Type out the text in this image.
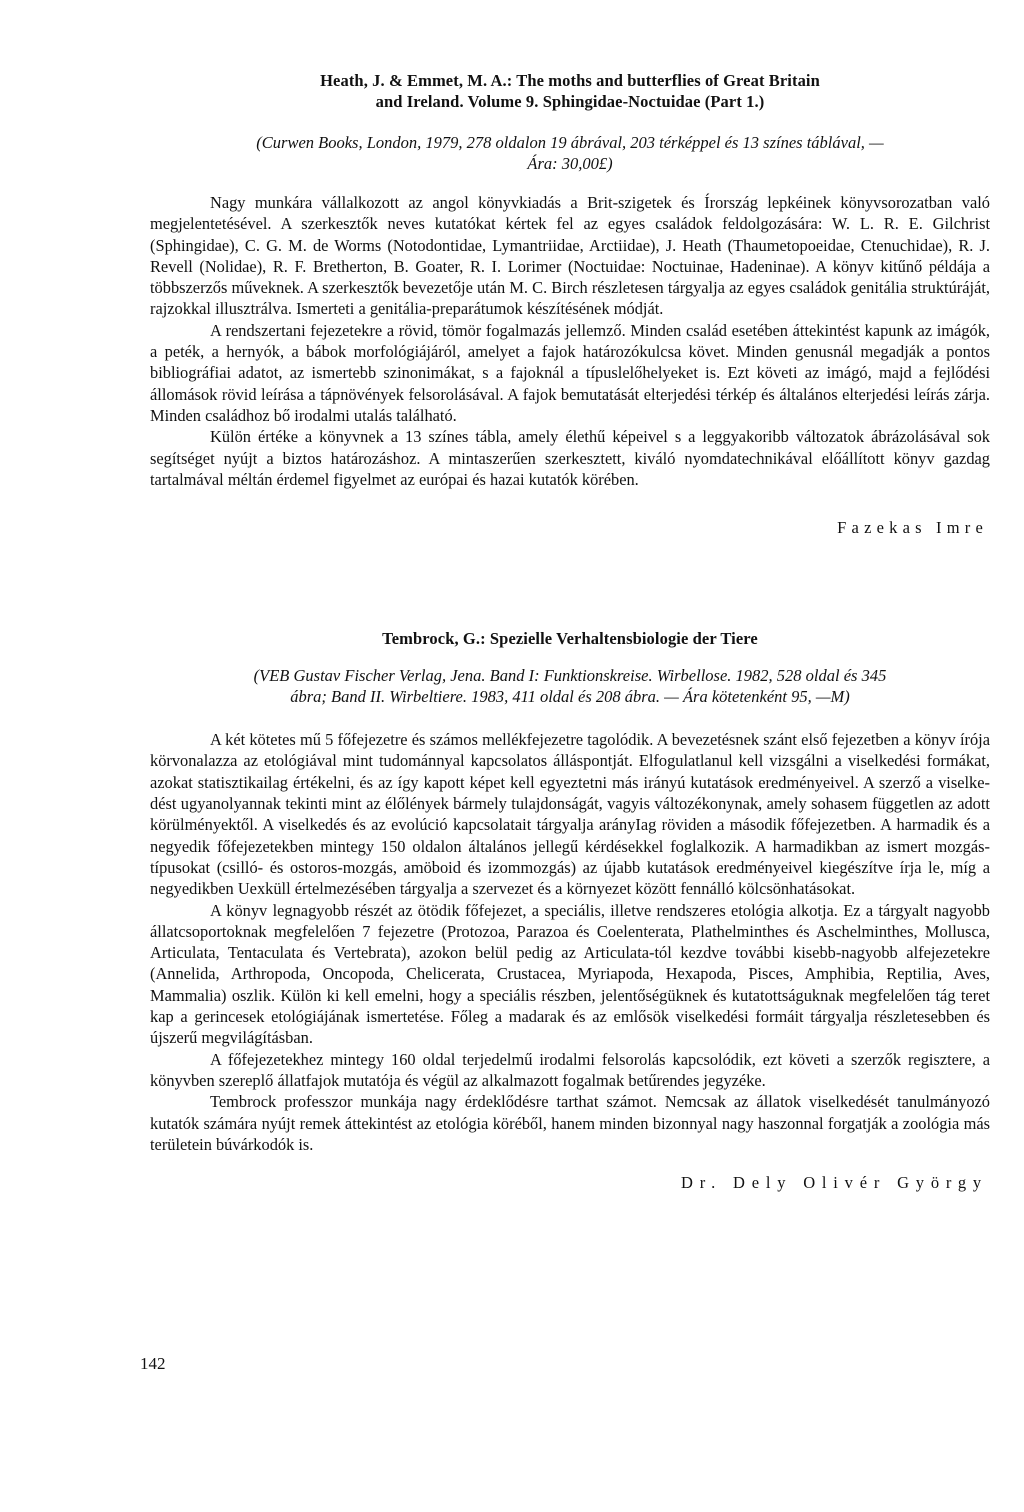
Heath, J. & Emmet, M. A.: The moths and butterflies of Great Britain
and Ireland. Volume 9. Sphingidae-Noctuidae (Part 1.)

(Curwen Books, London, 1979, 278 oldalon 19 ábrával, 203 térképpel és 13 színes táblával, —
Ára: 30,00£)

Nagy munkára vállalkozott az angol könyvkiadás a Brit-szigetek és Írország lepkéinek könyvsorozatban való megjelentetésével. A szerkesztők neves kutatókat kértek fel az egyes családok feldolgozására: W. L. R. E. Gilchrist (Sphingidae), C. G. M. de Worms (Notodontidae, Lymantriidae, Arctiidae), J. Heath (Thaumetopoeidae, Ctenuchidae), R. J. Revell (Nolidae), R. F. Bretherton, B. Goater, R. I. Lorimer (Noctuidae: Noctuinae, Hadeninae). A könyv kitűnő példája a többszerzős műveknek. A szerkesztők bevezetője után M. C. Birch részletesen tárgyalja az egyes családok genitália struktúráját, rajzokkal illusztrálva. Ismerteti a genitália-preparátumok készítésének módját.

A rendszertani fejezetekre a rövid, tömör fogalmazás jellemző. Minden család esetében áttekintést kapunk az imágók, a peték, a hernyók, a bábok morfológiájáról, amelyet a fajok határozókulcsa követ. Minden genusnál megadják a pontos bibliográfiai adatot, az ismertebb szinonimákat, s a fajoknál a típuslelőhelyeket is. Ezt követi az imágó, majd a fejlődési állomások rövid leírása a tápnövények felsorolásával. A fajok bemutatását elterjedési térkép és általános elterjedési leírás zárja. Minden családhoz bő irodalmi utalás található.

Külön értéke a könyvnek a 13 színes tábla, amely élethű képeivel s a leggyakoribb változatok ábrázolásával sok segítséget nyújt a biztos határozáshoz. A mintaszerűen szerkesztett, kiváló nyomdatechnikával előállított könyv gazdag tartalmával méltán érdemel figyelmet az európai és hazai kutatók körében.

Fazekas Imre

Tembrock, G.: Spezielle Verhaltensbiologie der Tiere

(VEB Gustav Fischer Verlag, Jena. Band I: Funktionskreise. Wirbellose. 1982, 528 oldal és 345
ábra; Band II. Wirbeltiere. 1983, 411 oldal és 208 ábra. — Ára kötetenként 95, —M)

A két kötetes mű 5 főfejezetre és számos mellékfejezetre tagolódik. A bevezetésnek szánt első fejezetben a könyv írója körvonalazza az etológiával mint tudománnyal kapcsolatos álláspontját. Elfogulatlanul kell vizsgálni a viselkedési formákat, azokat statisztikailag értékelni, és az így kapott képet kell egyeztetni más irányú kutatások eredményeivel. A szerző a viselkedést ugyanolyannak tekinti mint az élőlények bármely tulajdonságát, vagyis változékonynak, amely sohasem független az adott körülményektől. A viselkedés és az evolúció kapcsolatait tárgyalja arányIag röviden a második főfejezetben. A harmadik és a negyedik főfejezetekben mintegy 150 oldalon általános jellegű kérdésekkel foglalkozik. A harmadikban az ismert mozgástípusokat (csilló- és ostoros-mozgás, amöboid és izommozgás) az újabb kutatások eredményeivel kiegészítve írja le, míg a negyedikben Uexküll értelmezésében tárgyalja a szervezet és a környezet között fennálló kölcsönhatásokat.

A könyv legnagyobb részét az ötödik főfejezet, a speciális, illetve rendszeres etológia alkotja. Ez a tárgyalt nagyobb állatcsoportoknak megfelelően 7 fejezetre (Protozoa, Parazoa és Coelenterata, Plathelminthes és Aschelminthes, Mollusca, Articulata, Tentaculata és Vertebrata), azokon belül pedig az Articulata-tól kezdve további kisebb-nagyobb alfejezetekre (Annelida, Arthropoda, Oncopoda, Chelicerata, Crustacea, Myriapoda, Hexapoda, Pisces, Amphibia, Reptilia, Aves, Mammalia) oszlik. Külön ki kell emelni, hogy a speciális részben, jelentőségüknek és kutatottságuknak megfelelően tág teret kap a gerincesek etológiájának ismertetése. Főleg a madarak és az emlősök viselkedési formáit tárgyalja részletesebben és újszerű megvilágításban.

A főfejezetekhez mintegy 160 oldal terjedelmű irodalmi felsorolás kapcsolódik, ezt követi a szerzők regisztere, a könyvben szereplő állatfajok mutatója és végül az alkalmazott fogalmak betűrendes jegyzéke.

Tembrock professzor munkája nagy érdeklődésre tarthat számot. Nemcsak az állatok viselkedését tanulmányozó kutatók számára nyújt remek áttekintést az etológia köréből, hanem minden bizonnyal nagy haszonnal forgatják a zoológia más területein búvárkodók is.

Dr. Dely Olivér György

142
